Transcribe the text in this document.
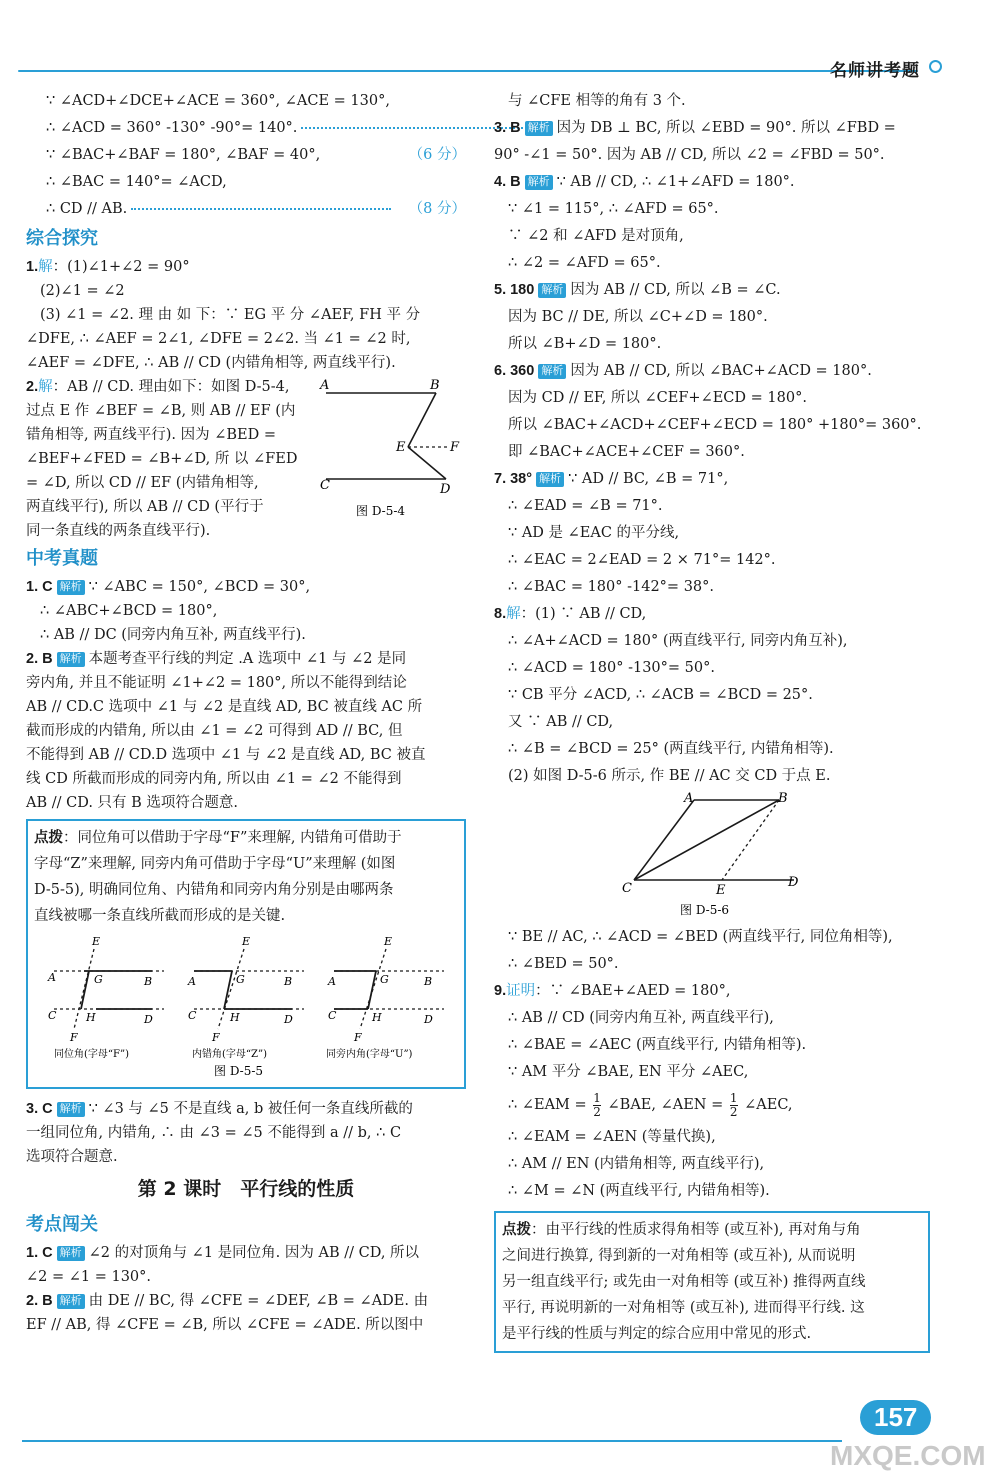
名师讲考题
∵ ∠ACD+∠DCE+∠ACE = 360°, ∠ACE = 130°,
∴ ∠ACD = 360° -130° -90°= 140°.
（6 分）
∵ ∠BAC+∠BAF = 180°, ∠BAF = 40°,
∴ ∠BAC = 140°= ∠ACD,
∴ CD // AB.	（8 分）
综合探究
1.解：(1)∠1+∠2 = 90°
(2)∠1 = ∠2
(3) ∠1 = ∠2. 理 由 如 下：∵ EG 平 分 ∠AEF, FH 平 分
∠DFE, ∴ ∠AEF = 2∠1, ∠DFE = 2∠2. 当 ∠1 = ∠2 时,
∠AEF = ∠DFE, ∴ AB // CD (内错角相等, 两直线平行).
2.解：AB // CD. 理由如下：如图 D-5-4,
过点 E 作 ∠BEF = ∠B, 则 AB // EF (内
错角相等, 两直线平行). 因为 ∠BED =
∠BEF+∠FED = ∠B+∠D, 所 以 ∠FED
= ∠D, 所以 CD // EF (内错角相等,
两直线平行), 所以 AB // CD (平行于
同一条直线的两条直线平行).
A	B
E	F
C	D
图 D-5-4
中考真题
1. C 解析 ∵ ∠ABC = 150°, ∠BCD = 30°,
∴ ∠ABC+∠BCD = 180°,
∴ AB // DC (同旁内角互补, 两直线平行).
2. B 解析 本题考查平行线的判定 .A 选项中 ∠1 与 ∠2 是同
旁内角, 并且不能证明 ∠1+∠2 = 180°, 所以不能得到结论
AB // CD.C 选项中 ∠1 与 ∠2 是直线 AD, BC 被直线 AC 所
截而形成的内错角, 所以由 ∠1 = ∠2 可得到 AD // BC, 但
不能得到 AB // CD.D 选项中 ∠1 与 ∠2 是直线 AD, BC 被直
线 CD 所截而形成的同旁内角, 所以由 ∠1 = ∠2 不能得到
AB // CD. 只有 B 选项符合题意.
点拨：同位角可以借助于字母“F”来理解, 内错角可借助于
字母“Z”来理解, 同旁内角可借助于字母“U”来理解 (如图
D-5-5), 明确同位角、内错角和同旁内角分别是由哪两条
直线被哪一条直线所截而形成的是关键.
E
F
A	B
C	D
G
H
同位角(字母“F”)
E
F
A	B
C	D
G
H
内错角(字母“Z”)
E
F
A	B
C	D
G
H
同旁内角(字母“U”)
图 D-5-5
3. C 解析 ∵ ∠3 与 ∠5 不是直线 a, b 被任何一条直线所截的
一组同位角, 内错角, ∴ 由 ∠3 = ∠5 不能得到 a // b, ∴ C
选项符合题意.
第 2 课时　平行线的性质
考点闯关
1. C 解析 ∠2 的对顶角与 ∠1 是同位角. 因为 AB // CD, 所以
∠2 = ∠1 = 130°.
2. B 解析 由 DE // BC, 得 ∠CFE = ∠DEF, ∠B = ∠ADE. 由
EF // AB, 得 ∠CFE = ∠B, 所以 ∠CFE = ∠ADE. 所以图中
与 ∠CFE 相等的角有 3 个.
3. B 解析 因为 DB ⊥ BC, 所以 ∠EBD = 90°. 所以 ∠FBD =
90° -∠1 = 50°. 因为 AB // CD, 所以 ∠2 = ∠FBD = 50°.
4. B 解析 ∵ AB // CD, ∴ ∠1+∠AFD = 180°.
∵ ∠1 = 115°, ∴ ∠AFD = 65°.
∵ ∠2 和 ∠AFD 是对顶角,
∴ ∠2 = ∠AFD = 65°.
5. 180 解析 因为 AB // CD, 所以 ∠B = ∠C.
因为 BC // DE, 所以 ∠C+∠D = 180°.
所以 ∠B+∠D = 180°.
6. 360 解析 因为 AB // CD, 所以 ∠BAC+∠ACD = 180°.
因为 CD // EF, 所以 ∠CEF+∠ECD = 180°.
所以 ∠BAC+∠ACD+∠CEF+∠ECD = 180° +180°= 360°.
即 ∠BAC+∠ACE+∠CEF = 360°.
7. 38° 解析 ∵ AD // BC, ∠B = 71°,
∴ ∠EAD = ∠B = 71°.
∵ AD 是 ∠EAC 的平分线,
∴ ∠EAC = 2∠EAD = 2 × 71°= 142°.
∴ ∠BAC = 180° -142°= 38°.
8.解：(1) ∵ AB // CD,
∴ ∠A+∠ACD = 180° (两直线平行, 同旁内角互补),
∴ ∠ACD = 180° -130°= 50°.
∵ CB 平分 ∠ACD, ∴ ∠ACB = ∠BCD = 25°.
又 ∵ AB // CD,
∴ ∠B = ∠BCD = 25° (两直线平行, 内错角相等).
(2) 如图 D-5-6 所示, 作 BE // AC 交 CD 于点 E.
A	B
C	E
D
图 D-5-6
∵ BE // AC, ∴ ∠ACD = ∠BED (两直线平行, 同位角相等),
∴ ∠BED = 50°.
9.证明：∵ ∠BAE+∠AED = 180°,
∴ AB // CD (同旁内角互补, 两直线平行),
∴ ∠BAE = ∠AEC (两直线平行, 内错角相等).
∵ AM 平分 ∠BAE, EN 平分 ∠AEC,
∴ ∠EAM = $\frac{1}{2}$ ∠BAE, ∠AEN = $\frac{1}{2}$ ∠AEC,
∴ ∠EAM = ∠AEN (等量代换),
∴ AM // EN (内错角相等, 两直线平行),
∴ ∠M = ∠N (两直线平行, 内错角相等).
点拨：由平行线的性质求得角相等 (或互补), 再对角与角
之间进行换算, 得到新的一对角相等 (或互补), 从而说明
另一组直线平行; 或先由一对角相等 (或互补) 推得两直线
平行, 再说明新的一对角相等 (或互补), 进而得平行线. 这
是平行线的性质与判定的综合应用中常见的形式.
157
MXQE.COM
